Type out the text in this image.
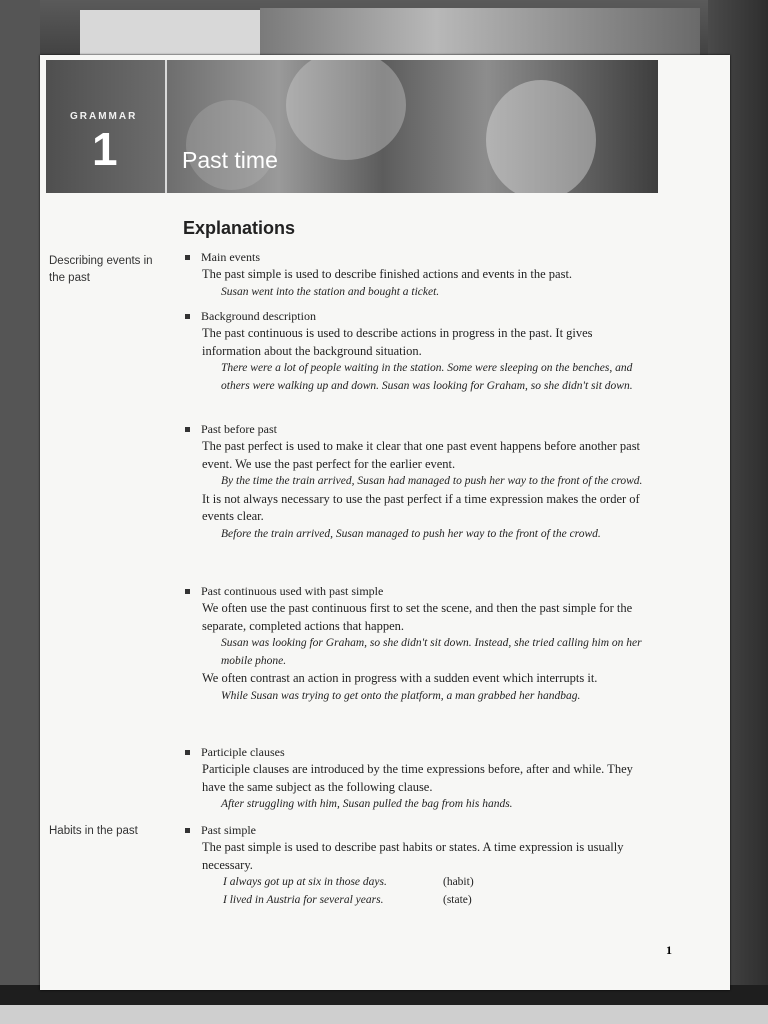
GRAMMAR
1	Past time
Explanations
Describing events in the past
Habits in the past
Main events
The past simple is used to describe finished actions and events in the past.
Susan went into the station and bought a ticket.
Background description
The past continuous is used to describe actions in progress in the past. It gives information about the background situation.
There were a lot of people waiting in the station. Some were sleeping on the benches, and others were walking up and down. Susan was looking for Graham, so she didn't sit down.
Past before past
The past perfect is used to make it clear that one past event happens before another past event. We use the past perfect for the earlier event.
By the time the train arrived, Susan had managed to push her way to the front of the crowd.
It is not always necessary to use the past perfect if a time expression makes the order of events clear.
Before the train arrived, Susan managed to push her way to the front of the crowd.
Past continuous used with past simple
We often use the past continuous first to set the scene, and then the past simple for the separate, completed actions that happen.
Susan was looking for Graham, so she didn't sit down. Instead, she tried calling him on her mobile phone.
We often contrast an action in progress with a sudden event which interrupts it.
While Susan was trying to get onto the platform, a man grabbed her handbag.
Participle clauses
Participle clauses are introduced by the time expressions before, after and while. They have the same subject as the following clause.
After struggling with him, Susan pulled the bag from his hands.
Past simple
The past simple is used to describe past habits or states. A time expression is usually necessary.
I always got up at six in those days.	(habit)
I lived in Austria for several years.	(state)
1
